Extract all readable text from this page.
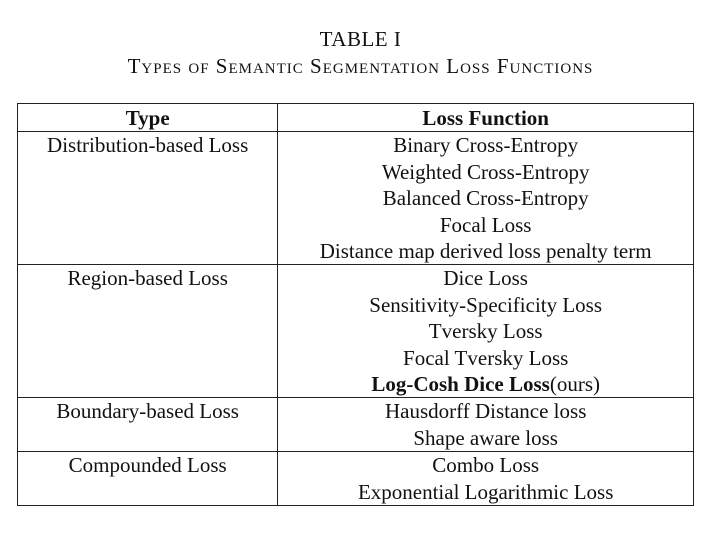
TABLE I
Types of Semantic Segmentation Loss Functions
Type	Loss Function
Distribution-based Loss	Binary Cross-Entropy
Weighted Cross-Entropy
Balanced Cross-Entropy
Focal Loss
Distance map derived loss penalty term

Region-based Loss	Dice Loss
Sensitivity-Specificity Loss
Tversky Loss
Focal Tversky Loss
Log-Cosh Dice Loss(ours)

Boundary-based Loss	Hausdorff Distance loss
Shape aware loss

Compounded Loss	Combo Loss
Exponential Logarithmic Loss
